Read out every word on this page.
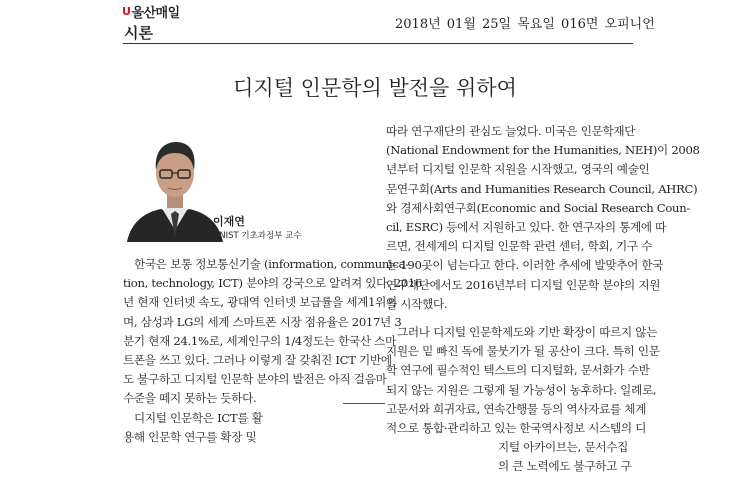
U 울산매일
시론	2018년 01월 25일 목요일 016면 오피니언
디지털 인문학의 발전을 위하여
이재연
UNIST 기초과정부 교수

한국은 보통 정보통신기술 (information, communica-

tion, technology, ICT) 분야의 강국으로 알려져 있다. 2016

년 현재 인터넷 속도, 광대역 인터넷 보급률을 세계1위이

며, 삼성과 LG의 세계 스마트폰 시장 점유율은 2017년 3

분기 현재 24.1%로, 세계인구의 1/4정도는 한국산 스마

트폰을 쓰고 있다. 그러나 이렇게 잘 갖춰진 ICT 기반에

도 불구하고 디지털 인문학 분야의 발전은 아직 걸음마

수준을 떼지 못하는 듯하다.

디지털 인문학은 ICT를 활

용해 인문학 연구를 확장 및

따라 연구재단의 관심도 늘었다. 미국은 인문학재단

(National Endowment for the Humanities, NEH)이 2008

년부터 디지털 인문학 지원을 시작했고, 영국의 예술인

문연구회(Arts and Humanities Research Council, AHRC)

와 경제사회연구회(Economic and Social Research Coun-

cil, ESRC) 등에서 지원하고 있다. 한 연구자의 통계에 따

르면, 전세계의 디지털 인문학 관련 센터, 학회, 기구 수

는 190곳이 넘는다고 한다. 이러한 추세에 발맞추어 한국

연구재단에서도 2016년부터 디지털 인문학 분야의 지원

을 시작했다.

그러나 디지털 인문학제도와 기반 확장이 따르지 않는

지원은 밑 빠진 독에 물붓기가 될 공산이 크다. 특히 인문

학 연구에 필수적인 텍스트의 디지털화, 문서화가 수반

되지 않는 지원은 그렇게 될 가능성이 농후하다. 일례로,

고문서와 희귀자료, 연속간행물 등의 역사자료를 체계

적으로 통합·관리하고 있는 한국역사정보 시스템의 디

지털 아카이브는, 문서수집

의 큰 노력에도 불구하고 구
